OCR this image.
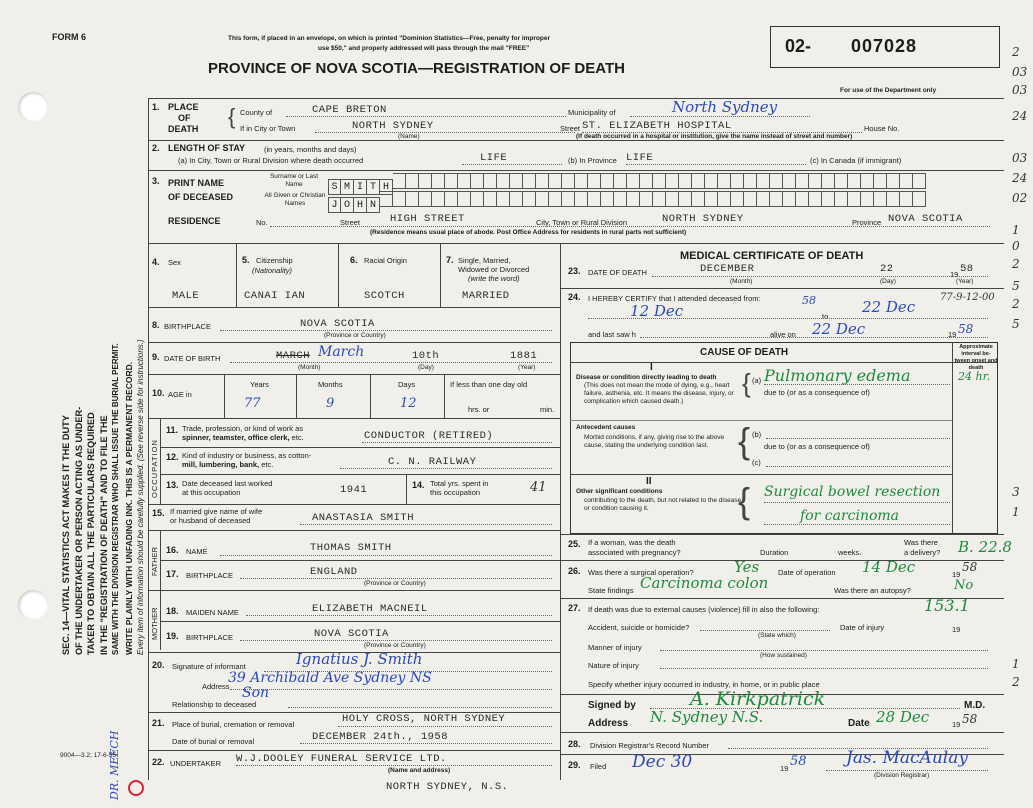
FORM 6	This form, if placed in an envelope, on which is printed "Dominion Statistics—Free, penalty for improper
use $50," and properly addressed will pass through the mail "FREE"
PROVINCE OF NOVA SCOTIA—REGISTRATION OF DEATH
02- 007028
For use of the Department only
SEC. 14—VITAL STATISTICS ACT MAKES IT THE DUTY OF THE UNDERTAKER OR PERSON ACTING AS UNDER- TAKER TO OBTAIN ALL THE PARTICULARS REQUIRED IN THE "REGISTRATION OF DEATH" AND TO FILE THE SAME WITH THE DIVISION REGISTRAR WHO SHALL ISSUE THE BURIAL PERMIT. WRITE PLAINLY WITH UNFADING INK. THIS IS A PERMANENT RECORD. Every item of information should be carefully supplied. (See reverse side for instructions.)
DR. MEECH
9004—3.2; 17-6-55
2
03
03
24
03
24
02
1
0
2
5
2
5
3
1
1
2
1. PLACE
OF
DEATH { County of	CAPE BRETON	Municipality of	North Sydney
If in City or Town	NORTH SYDNEY
(Name)
Street ST. ELIZABETH HOSPITAL	House No.
(If death occurred in a hospital or institution, give the name instead of street and number)
2. LENGTH OF STAY	(in years, months and days)
(a) In City, Town or Rural Division where death occurred	LIFE	(b) In Province LIFE	(c) In Canada (if immigrant)
3. PRINT NAME
OF DECEASED
Surname or Last Name
All Given or Christian Names
S M I T H
J O H N
RESIDENCE	No.	Street	HIGH STREET	City, Town or Rural Division	NORTH SYDNEY	Province NOVA SCOTIA
(Residence means usual place of abode. Post Office Address for residents in rural parts not sufficient)
4. Sex
MALE
5. Citizenship
(Nationality)
CANAI IAN
6. Racial Origin
SCOTCH
7. Single, Married,
Widowed or Divorced
(write the word)
MARRIED
8. BIRTHPLACE	NOVA SCOTIA
(Province or Country)
9. DATE OF BIRTH	MARCH March	10th	1881
(Month)	(Day)	(Year)
10. AGE in
Years	Months	Days	If less than one day old
77	9	12	hrs. or	min.
OCCUPATION
11. Trade, profession, or kind of work as
spinner, teamster, office clerk, etc.	CONDUCTOR (RETIRED)
12. Kind of industry or business, as cotton-
mill, lumbering, bank, etc.	C. N. RAILWAY
13. Date deceased last worked
at this occupation	1941	14. Total yrs. spent in
this occupation	41
15. If married give name of wife
or husband of deceased	ANASTASIA SMITH
FATHER 16. NAME	THOMAS SMITH
17. BIRTHPLACE	ENGLAND
(Province or Country)
MOTHER 18. MAIDEN NAME	ELIZABETH MACNEIL
19. BIRTHPLACE	NOVA SCOTIA
(Province or Country)
20. Signature of informant	Ignatius J. Smith
Address
39 Archibald Ave Sydney NS
Son
Relationship to deceased
21. Place of burial, cremation or removal	HOLY CROSS, NORTH SYDNEY
Date of burial or removal	DECEMBER 24th., 1958
22. UNDERTAKER W.J.DOOLEY FUNERAL SERVICE LTD.
(Name and address)
NORTH SYDNEY, N.S.
MEDICAL CERTIFICATE OF DEATH
23. DATE OF DEATH	DECEMBER	22	19 58
(Month)	(Day)	(Year)
24. I HEREBY CERTIFY that I attended deceased from:
12 Dec
58
to
22 Dec
77-9-12-00
and last saw h	alive on 22 Dec	19 58
CAUSE OF DEATH	Approximate interval be-tween onset and death
I
Disease or condition directly leading to death
(This does not mean the mode of dying, e.g., heart failure, asthenia, etc. It means the disease, injury, or complication which caused death.)
{ (a) Pulmonary edema	24 hr.
due to (or as a consequence of)
Antecedent causes
Morbid conditions, if any, giving rise to the above cause, stating the underlying condition last. { (b)
due to (or as a consequence of)
(c)
II
Other significant conditions
contributing to the death, but not related to the disease or condition causing it.	{ Surgical bowel resection
for carcinoma
25. If a woman, was the death
associated with pregnancy?	Duration	weeks.
Was there
a delivery? B. 22.8
26. Was there a surgical operation?	Yes	Date of operation 14 Dec	19
58
State findings Carcinoma colon	Was there an autopsy?	No
27. If death was due to external causes (violence) fill in also the following:	153.1
Accident, suicide or homicide?
(State which)
Date of injury	19
Manner of injury
(How sustained)
Nature of injury
Specify whether injury occurred in industry, in home, or in public place
Signed by	A. Kirkpatrick	M.D.
Address N. Sydney N.S.	Date 28 Dec	19 58
28. Division Registrar's Record Number
29. Filed Dec 30	19 58 Jas. MacAulay
(Division Registrar)
